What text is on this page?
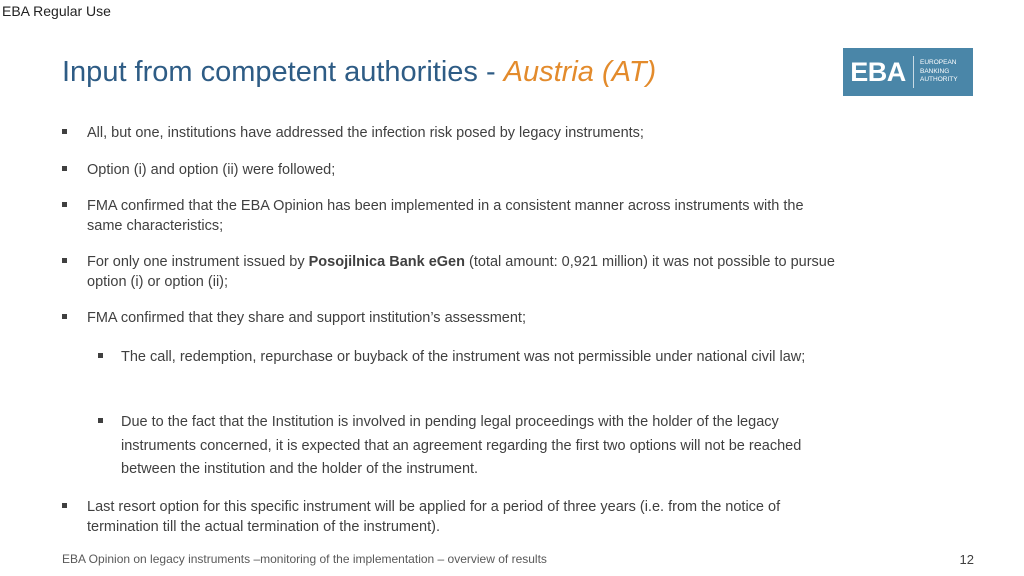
EBA Regular Use

Input from competent authorities - Austria (AT)	EBA	EUROPEAN
BANKING
AUTHORITY
All, but one, institutions have addressed the infection risk posed by legacy instruments;
Option (i) and option (ii) were followed;
FMA confirmed that the EBA Opinion has been implemented in a consistent manner across instruments with the same characteristics;
For only one instrument issued by Posojilnica Bank eGen (total amount: 0,921 million) it was not possible to pursue option (i) or option (ii);
FMA confirmed that they share and support institution’s assessment;
The call, redemption, repurchase or buyback of the instrument was not permissible under national civil law;
Due to the fact that the Institution is involved in pending legal proceedings with the holder of the legacy instruments concerned, it is expected that an agreement regarding the first two options will not be reached between the institution and the holder of the instrument.
Last resort option for this specific instrument will be applied for a period of three years (i.e. from the notice of termination till the actual termination of the instrument).

EBA Opinion on legacy instruments –monitoring of the implementation – overview of results	12
